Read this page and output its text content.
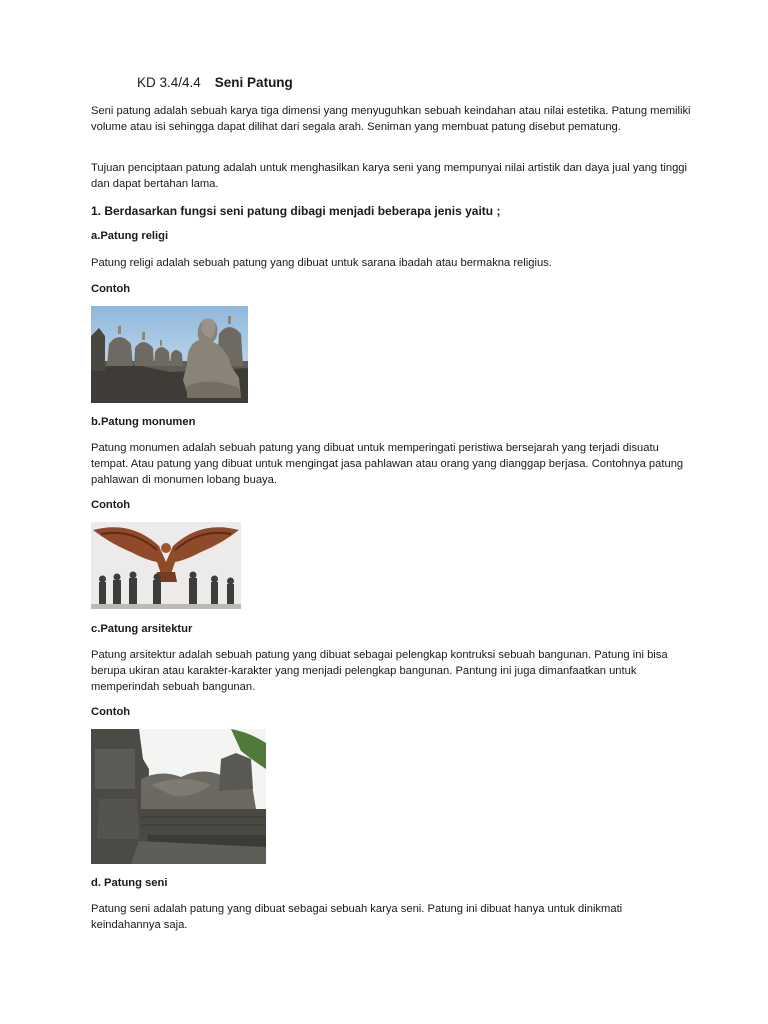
KD 3.4/4.4 Seni Patung

Seni patung adalah sebuah karya tiga dimensi yang menyuguhkan sebuah keindahan atau nilai estetika. Patung memiliki volume atau isi sehingga dapat dilihat dari segala arah. Seniman yang membuat patung disebut pematung.

Tujuan penciptaan patung adalah untuk menghasilkan karya seni yang mempunyai nilai artistik dan daya jual yang tinggi dan dapat bertahan lama.

1. Berdasarkan fungsi seni patung dibagi menjadi beberapa jenis yaitu ;

a.Patung religi

Patung religi adalah sebuah patung yang dibuat untuk sarana ibadah atau bermakna religius.

Contoh

b.Patung monumen

Patung monumen adalah sebuah patung yang dibuat untuk memperingati peristiwa bersejarah yang terjadi disuatu tempat. Atau patung yang dibuat untuk mengingat jasa pahlawan atau orang yang dianggap berjasa. Contohnya patung pahlawan di monumen lobang buaya.

Contoh

c.Patung arsitektur

Patung arsitektur adalah sebuah patung yang dibuat sebagai pelengkap kontruksi sebuah bangunan. Patung ini bisa berupa ukiran atau karakter-karakter yang menjadi pelengkap bangunan. Pantung ini juga dimanfaatkan untuk memperindah sebuah bangunan.

Contoh

d. Patung seni

Patung seni adalah patung yang dibuat sebagai sebuah karya seni. Patung ini dibuat hanya untuk dinikmati keindahannya saja.
